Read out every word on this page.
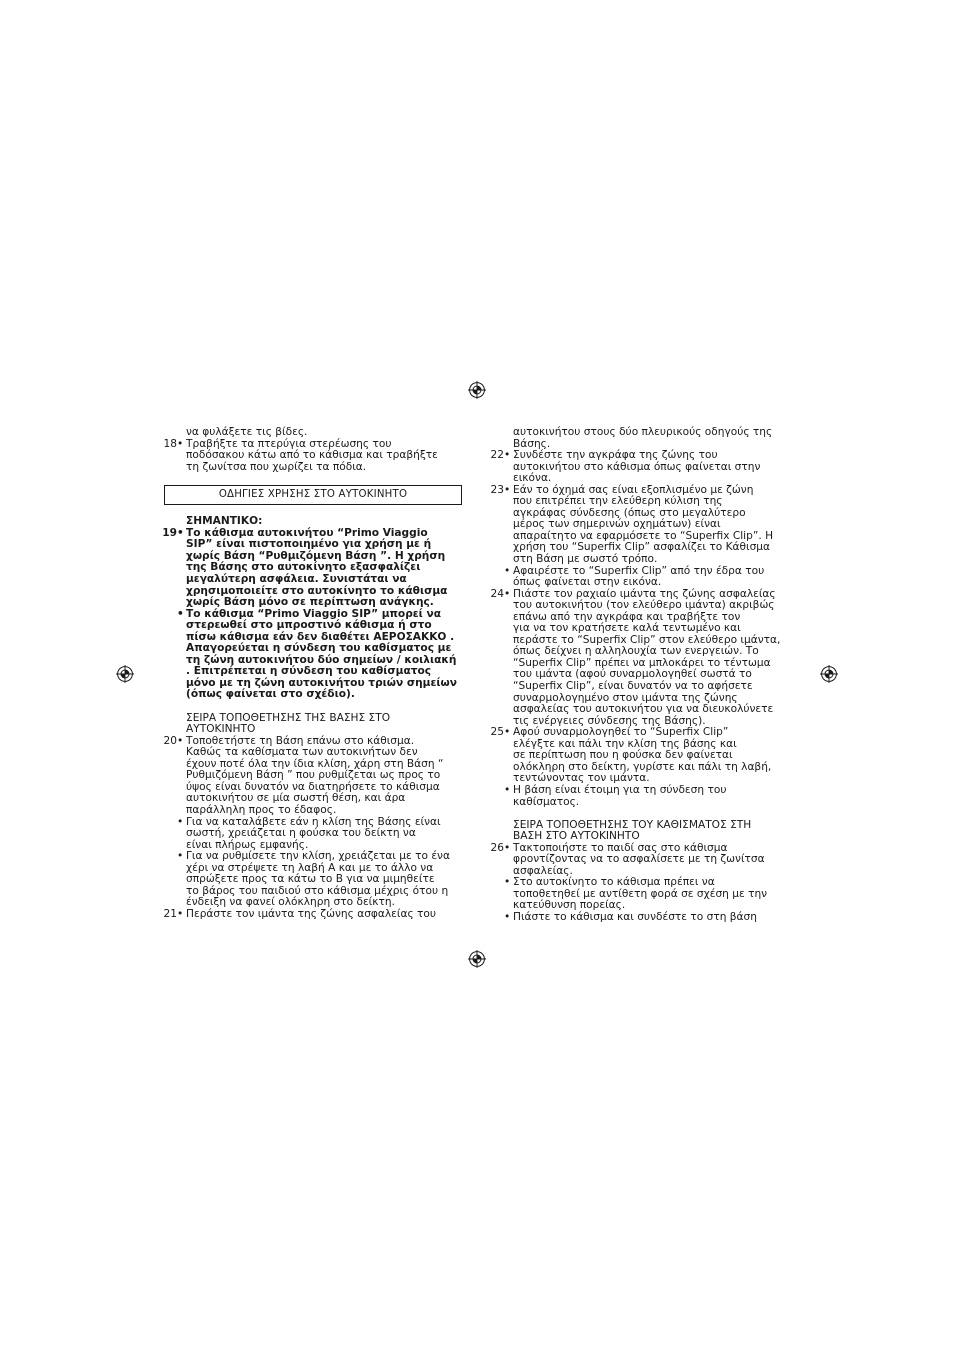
να φυλάξετε τις βίδες.
18 • Τραβήξτε τα πτερύγια στερέωσης του
ποδόσακου κάτω από το κάθισμα και τραβήξτε
τη ζωνίτσα που χωρίζει τα πόδια.
ΟΔΗΓΙΕΣ ΧΡΗΣΗΣ ΣΤΟ ΑΥΤΟΚΙΝΗΤΟ
ΣΗΜΑΝΤΙΚΟ:
19 • Το κάθισμα αυτοκινήτου “Primo Viaggio
SIP” είναι πιστοποιημένο για χρήση με ή
χωρίς Βάση “Ρυθμιζόμενη Βάση ”. Η χρήση
της Βάσης στο αυτοκίνητο εξασφαλίζει
μεγαλύτερη ασφάλεια. Συνιστάται να
χρησιμοποιείτε στο αυτοκίνητο το κάθισμα
χωρίς Βάση μόνο σε περίπτωση ανάγκης.
• Το κάθισμα “Primo Viaggio SIP” μπορεί να
στερεωθεί στο μπροστινό κάθισμα ή στο
πίσω κάθισμα εάν δεν διαθέτει ΑΕΡΟΣΑΚΚΟ .
Απαγορεύεται η σύνδεση του καθίσματος με
τη ζώνη αυτοκινήτου δύο σημείων / κοιλιακή
. Επιτρέπεται η σύνδεση του καθίσματος
μόνο με τη ζώνη αυτοκινήτου τριών σημείων
(όπως φαίνεται στο σχέδιο).
ΣΕΙΡΑ ΤΟΠΟΘΕΤΗΣΗΣ ΤΗΣ ΒΑΣΗΣ ΣΤΟ
ΑΥΤΟΚΙΝΗΤΟ
20 • Τοποθετήστε τη Βάση επάνω στο κάθισμα.
Καθώς τα καθίσματα των αυτοκινήτων δεν
έχουν ποτέ όλα την ίδια κλίση, χάρη στη Βάση “
Ρυθμιζόμενη Βάση ” που ρυθμίζεται ως προς το
ύψος είναι δυνατόν να διατηρήσετε το κάθισμα
αυτοκινήτου σε μία σωστή θέση, και άρα
παράλληλη προς το έδαφος.
• Για να καταλάβετε εάν η κλίση της Βάσης είναι
σωστή, χρειάζεται η φούσκα του δείκτη να
είναι πλήρως εμφανής.
• Για να ρυθμίσετε την κλίση, χρειάζεται με το ένα
χέρι να στρέψετε τη λαβή Α και με το άλλο να
σπρώξετε προς τα κάτω το Β για να μιμηθείτε
το βάρος του παιδιού στο κάθισμα μέχρις ότου η
ένδειξη να φανεί ολόκληρη στο δείκτη.
21 • Περάστε τον ιμάντα της ζώνης ασφαλείας του
αυτοκινήτου στους δύο πλευρικούς οδηγούς της
Βάσης.
22 • Συνδέστε την αγκράφα της ζώνης του
αυτοκινήτου στο κάθισμα όπως φαίνεται στην
εικόνα.
23 • Εάν το όχημά σας είναι εξοπλισμένο με ζώνη
που επιτρέπει την ελεύθερη κύλιση της
αγκράφας σύνδεσης (όπως στο μεγαλύτερο
μέρος των σημερινών οχημάτων) είναι
απαραίτητο να εφαρμόσετε το “Superfix Clip”. Η
χρήση του “Superfix Clip” ασφαλίζει το Κάθισμα
στη Βάση με σωστό τρόπο.
• Αφαιρέστε το “Superfix Clip” από την έδρα του
όπως φαίνεται στην εικόνα.
24 • Πιάστε τον ραχιαίο ιμάντα της ζώνης ασφαλείας
του αυτοκινήτου (τον ελεύθερο ιμάντα) ακριβώς
επάνω από την αγκράφα και τραβήξτε τον
για να τον κρατήσετε καλά τεντωμένο και
περάστε το “Superfix Clip” στον ελεύθερο ιμάντα,
όπως δείχνει η αλληλουχία των ενεργειών. Το
“Superfix Clip” πρέπει να μπλοκάρει το τέντωμα
του ιμάντα (αφού συναρμολογηθεί σωστά το
“Superfix Clip”, είναι δυνατόν να το αφήσετε
συναρμολογημένο στον ιμάντα της ζώνης
ασφαλείας του αυτοκινήτου για να διευκολύνετε
τις ενέργειες σύνδεσης της Βάσης).
25 • Αφού συναρμολογηθεί το “Superfix Clip”
ελέγξτε και πάλι την κλίση της βάσης και
σε περίπτωση που η φούσκα δεν φαίνεται
ολόκληρη στο δείκτη, γυρίστε και πάλι τη λαβή,
τεντώνοντας τον ιμάντα.
• Η βάση είναι έτοιμη για τη σύνδεση του
καθίσματος.
ΣΕΙΡΑ ΤΟΠΟΘΕΤΗΣΗΣ ΤΟΥ ΚΑΘΙΣΜΑΤΟΣ ΣΤΗ
ΒΑΣΗ ΣΤΟ ΑΥΤΟΚΙΝΗΤΟ
26 • Τακτοποιήστε το παιδί σας στο κάθισμα
φροντίζοντας να το ασφαλίσετε με τη ζωνίτσα
ασφαλείας.
• Στο αυτοκίνητο το κάθισμα πρέπει να
τοποθετηθεί με αντίθετη φορά σε σχέση με την
κατεύθυνση πορείας.
• Πιάστε το κάθισμα και συνδέστε το στη βάση
